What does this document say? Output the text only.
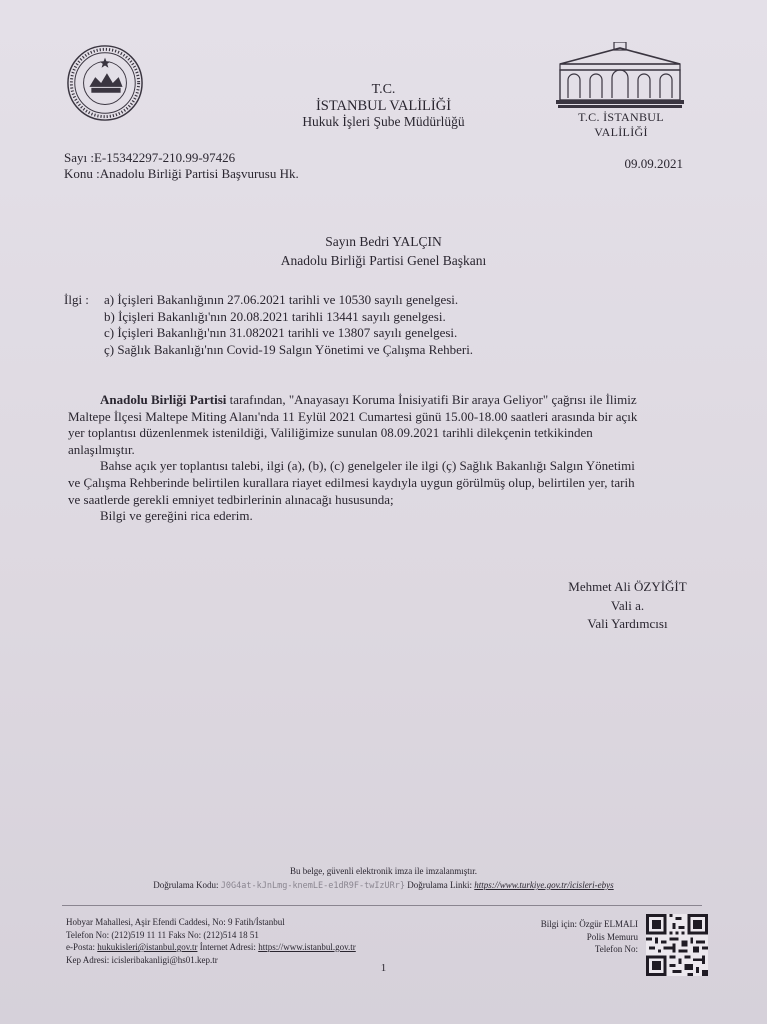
T.C.
İSTANBUL VALİLİĞİ
Hukuk İşleri Şube Müdürlüğü	T.C. İSTANBUL VALİLİĞİ
Sayı :E-15342297-210.99-97426
Konu :Anadolu Birliği Partisi Başvurusu Hk.
09.09.2021
Sayın Bedri YALÇIN
Anadolu Birliği Partisi Genel Başkanı
İlgi :	a) İçişleri Bakanlığının 27.06.2021 tarihli ve 10530 sayılı genelgesi.
b) İçişleri Bakanlığı'nın 20.08.2021 tarihli 13441 sayılı genelgesi.
c) İçişleri Bakanlığı'nın 31.082021 tarihli ve 13807 sayılı genelgesi.
ç) Sağlık Bakanlığı'nın Covid-19 Salgın Yönetimi ve Çalışma Rehberi.

Anadolu Birliği Partisi tarafından, "Anayasayı Koruma İnisiyatifi Bir araya Geliyor" çağrısı ile İlimiz

Maltepe İlçesi Maltepe Miting Alanı'nda 11 Eylül 2021 Cumartesi günü 15.00-18.00 saatleri arasında bir açık

yer toplantısı düzenlenmek istenildiği, Valiliğimize sunulan 08.09.2021 tarihli dilekçenin tetkikinden

anlaşılmıştır.

Bahse açık yer toplantısı talebi, ilgi (a), (b), (c) genelgeler ile ilgi (ç) Sağlık Bakanlığı Salgın Yönetimi

ve Çalışma Rehberinde belirtilen kurallara riayet edilmesi kaydıyla uygun görülmüş olup, belirtilen yer, tarih

ve saatlerde gerekli emniyet tedbirlerinin alınacağı hususunda;

Bilgi ve gereğini rica ederim.

Mehmet Ali ÖZYİĞİT
Vali a.
Vali Yardımcısı
Bu belge, güvenli elektronik imza ile imzalanmıştır.
Doğrulama Kodu: J0G4at-kJnLmg-knemLE-e1dR9F-twIzURr} Doğrulama Linki: https://www.turkiye.gov.tr/icisleri-ebys
Hobyar Mahallesi, Aşir Efendi Caddesi, No: 9 Fatih/İstanbul
Telefon No: (212)519 11 11 Faks No: (212)514 18 51
e-Posta: hukukisleri@istanbul.gov.tr İnternet Adresi: https://www.istanbul.gov.tr
Kep Adresi: icislerіbakanligi@hs01.kep.tr
Bilgi için: Özgür ELMALI
Polis Memuru
Telefon No:
1
